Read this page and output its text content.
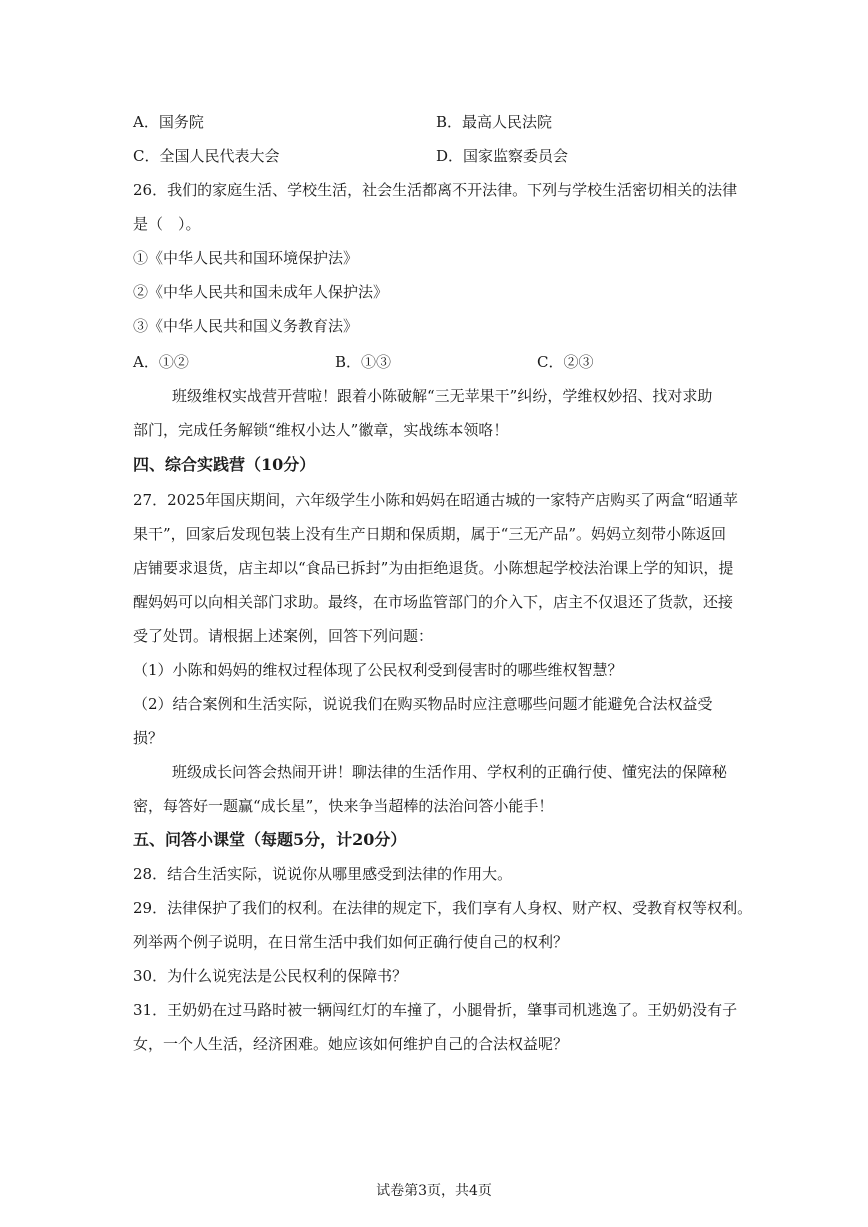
A．国务院	B．最高人民法院
C．全国人民代表大会	D．国家监察委员会
26．我们的家庭生活、学校生活，社会生活都离不开法律。下列与学校生活密切相关的法律
是（　）。
①《中华人民共和国环境保护法》
②《中华人民共和国未成年人保护法》
③《中华人民共和国义务教育法》
A．①②	B．①③	C．②③
班级维权实战营开营啦！跟着小陈破解“三无苹果干”纠纷，学维权妙招、找对求助
部门，完成任务解锁“维权小达人”徽章，实战练本领咯！
四、综合实践营（10分）
27．2025年国庆期间，六年级学生小陈和妈妈在昭通古城的一家特产店购买了两盒“昭通苹
果干”，回家后发现包装上没有生产日期和保质期，属于“三无产品”。妈妈立刻带小陈返回
店铺要求退货，店主却以“食品已拆封”为由拒绝退货。小陈想起学校法治课上学的知识，提
醒妈妈可以向相关部门求助。最终，在市场监管部门的介入下，店主不仅退还了货款，还接
受了处罚。请根据上述案例，回答下列问题：
（1）小陈和妈妈的维权过程体现了公民权利受到侵害时的哪些维权智慧？
（2）结合案例和生活实际，说说我们在购买物品时应注意哪些问题才能避免合法权益受
损？
班级成长问答会热闹开讲！聊法律的生活作用、学权利的正确行使、懂宪法的保障秘
密，每答好一题赢“成长星”，快来争当超棒的法治问答小能手！
五、问答小课堂（每题5分，计20分）
28．结合生活实际，说说你从哪里感受到法律的作用大。
29．法律保护了我们的权利。在法律的规定下，我们享有人身权、财产权、受教育权等权利。
列举两个例子说明，在日常生活中我们如何正确行使自己的权利？
30．为什么说宪法是公民权利的保障书？
31．王奶奶在过马路时被一辆闯红灯的车撞了，小腿骨折，肇事司机逃逸了。王奶奶没有子
女，一个人生活，经济困难。她应该如何维护自己的合法权益呢？
试卷第3页，共4页
